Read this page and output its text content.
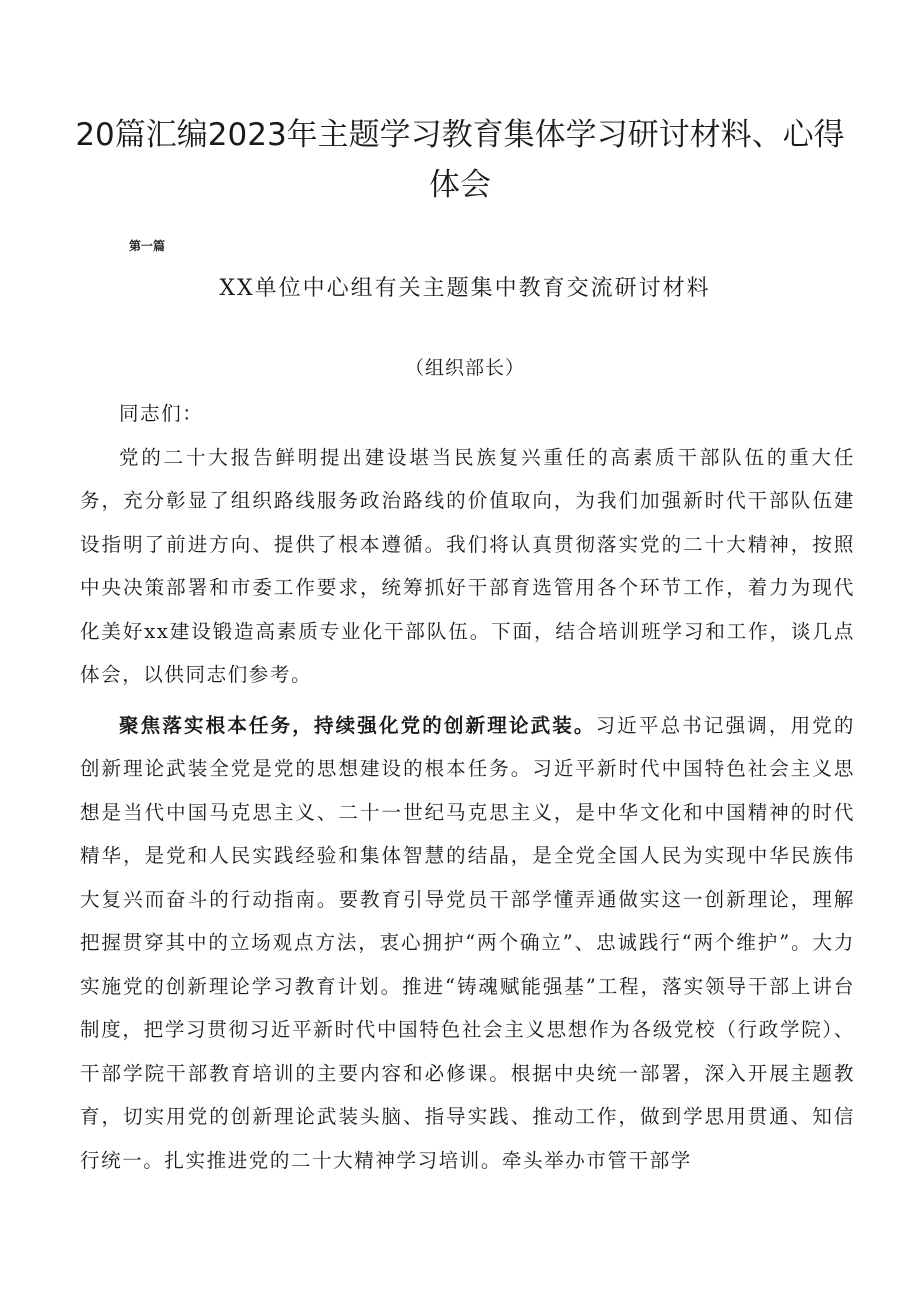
20篇汇编2023年主题学习教育集体学习研讨材料、心得体会
第一篇
XX单位中心组有关主题集中教育交流研讨材料
（组织部长）

同志们：

党的二十大报告鲜明提出建设堪当民族复兴重任的高素质干部队伍的重大任务，充分彰显了组织路线服务政治路线的价值取向，为我们加强新时代干部队伍建设指明了前进方向、提供了根本遵循。我们将认真贯彻落实党的二十大精神，按照中央决策部署和市委工作要求，统筹抓好干部育选管用各个环节工作，着力为现代化美好xx建设锻造高素质专业化干部队伍。下面，结合培训班学习和工作，谈几点体会，以供同志们参考。

聚焦落实根本任务，持续强化党的创新理论武装。习近平总书记强调，用党的创新理论武装全党是党的思想建设的根本任务。习近平新时代中国特色社会主义思想是当代中国马克思主义、二十一世纪马克思主义，是中华文化和中国精神的时代精华，是党和人民实践经验和集体智慧的结晶，是全党全国人民为实现中华民族伟大复兴而奋斗的行动指南。要教育引导党员干部学懂弄通做实这一创新理论，理解把握贯穿其中的立场观点方法，衷心拥护“两个确立”、忠诚践行“两个维护”。大力实施党的创新理论学习教育计划。推进“铸魂赋能强基”工程，落实领导干部上讲台制度，把学习贯彻习近平新时代中国特色社会主义思想作为各级党校（行政学院）、干部学院干部教育培训的主要内容和必修课。根据中央统一部署，深入开展主题教育，切实用党的创新理论武装头脑、指导实践、推动工作，做到学思用贯通、知信行统一。扎实推进党的二十大精神学习培训。牵头举办市管干部学
